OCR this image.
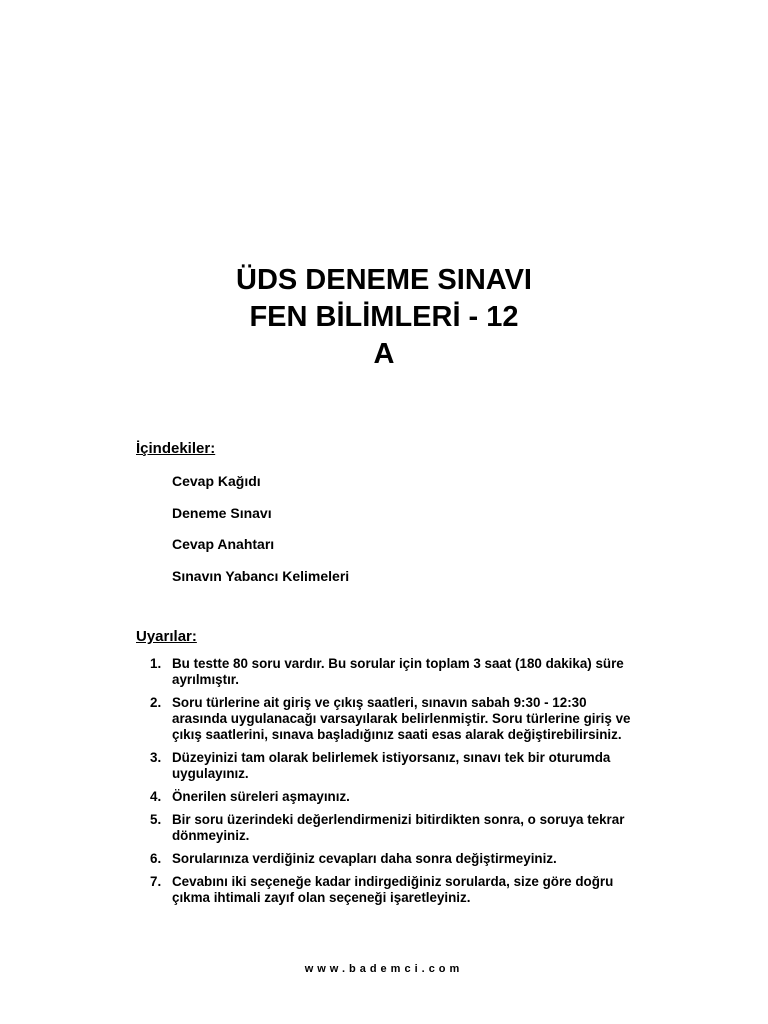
ÜDS DENEME SINAVI
FEN BİLİMLERİ - 12
A

İçindekiler:

Cevap Kağıdı
Deneme Sınavı
Cevap Anahtarı
Sınavın Yabancı Kelimeleri

Uyarılar:

1. Bu testte 80 soru vardır. Bu sorular için toplam 3 saat (180 dakika) süre ayrılmıştır.
2. Soru türlerine ait giriş ve çıkış saatleri, sınavın sabah 9:30 - 12:30 arasında uygulanacağı varsayılarak belirlenmiştir. Soru türlerine giriş ve çıkış saatlerini, sınava başladığınız saati esas alarak değiştirebilirsiniz.
3. Düzeyinizi tam olarak belirlemek istiyorsanız, sınavı tek bir oturumda uygulayınız.
4. Önerilen süreleri aşmayınız.
5. Bir soru üzerindeki değerlendirmenizi bitirdikten sonra, o soruya tekrar dönmeyiniz.
6. Sorularınıza verdiğiniz cevapları daha sonra değiştirmeyiniz.
7. Cevabını iki seçeneğe kadar indirgediğiniz sorularda, size göre doğru çıkma ihtimali zayıf olan seçeneği işaretleyiniz.
www.bademci.com
